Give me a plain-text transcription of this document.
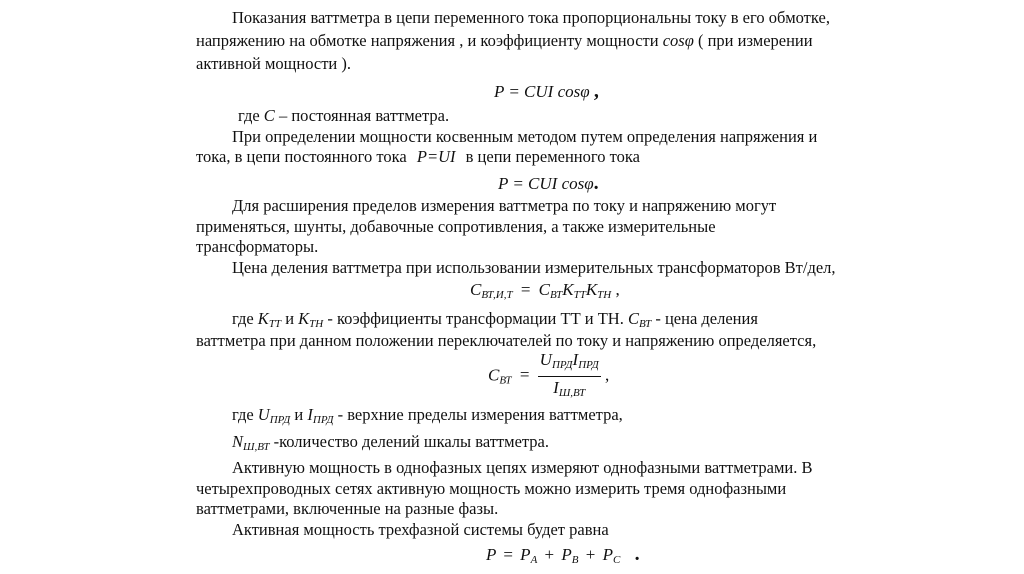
Показания ваттметра в цепи переменного тока пропорциональны току в его обмотке,
напряжению на обмотке напряжения , и коэффициенту мощности cosφ ( при измерении
активной мощности ).
P = CUI cosφ ,
где C – постоянная ваттметра.
При определении мощности косвенным методом путем определения напряжения и
тока, в цепи постоянного тока P=UI в цепи переменного тока
P = CUI cosφ.
Для расширения пределов измерения ваттметра по току и напряжению могут
применяться, шунты, добавочные сопротивления, а также измерительные
трансформаторы.
Цена деления ваттметра при использовании измерительных трансформаторов Вт/дел,
$C_{ВТ,И,Т} = C_{ВТ}K_{ТТ}K_{ТН}$ ,
где $K_{ТТ}$ и $K_{ТН}$ - коэффициенты трансформации ТТ и ТН. $C_{ВТ}$ - цена деления
ваттметра при данном положении переключателей по току и напряжению определяется,
$C_{ВТ} = \frac{U_{ПРД}I_{ПРД}}{I_{Ш,ВТ}}$ ,
где $U_{ПРД}$ и $I_{ПРД}$ - верхние пределы измерения ваттметра,
$N_{Ш,ВТ}$ -количество делений шкалы ваттметра.
Активную мощность в однофазных цепях измеряют однофазными ваттметрами. В
четырехпроводных сетях активную мощность можно измерить тремя однофазными
ваттметрами, включенные на разные фазы.
Активная мощность трехфазной системы будет равна
$P = P_A + P_B + P_C$ .
